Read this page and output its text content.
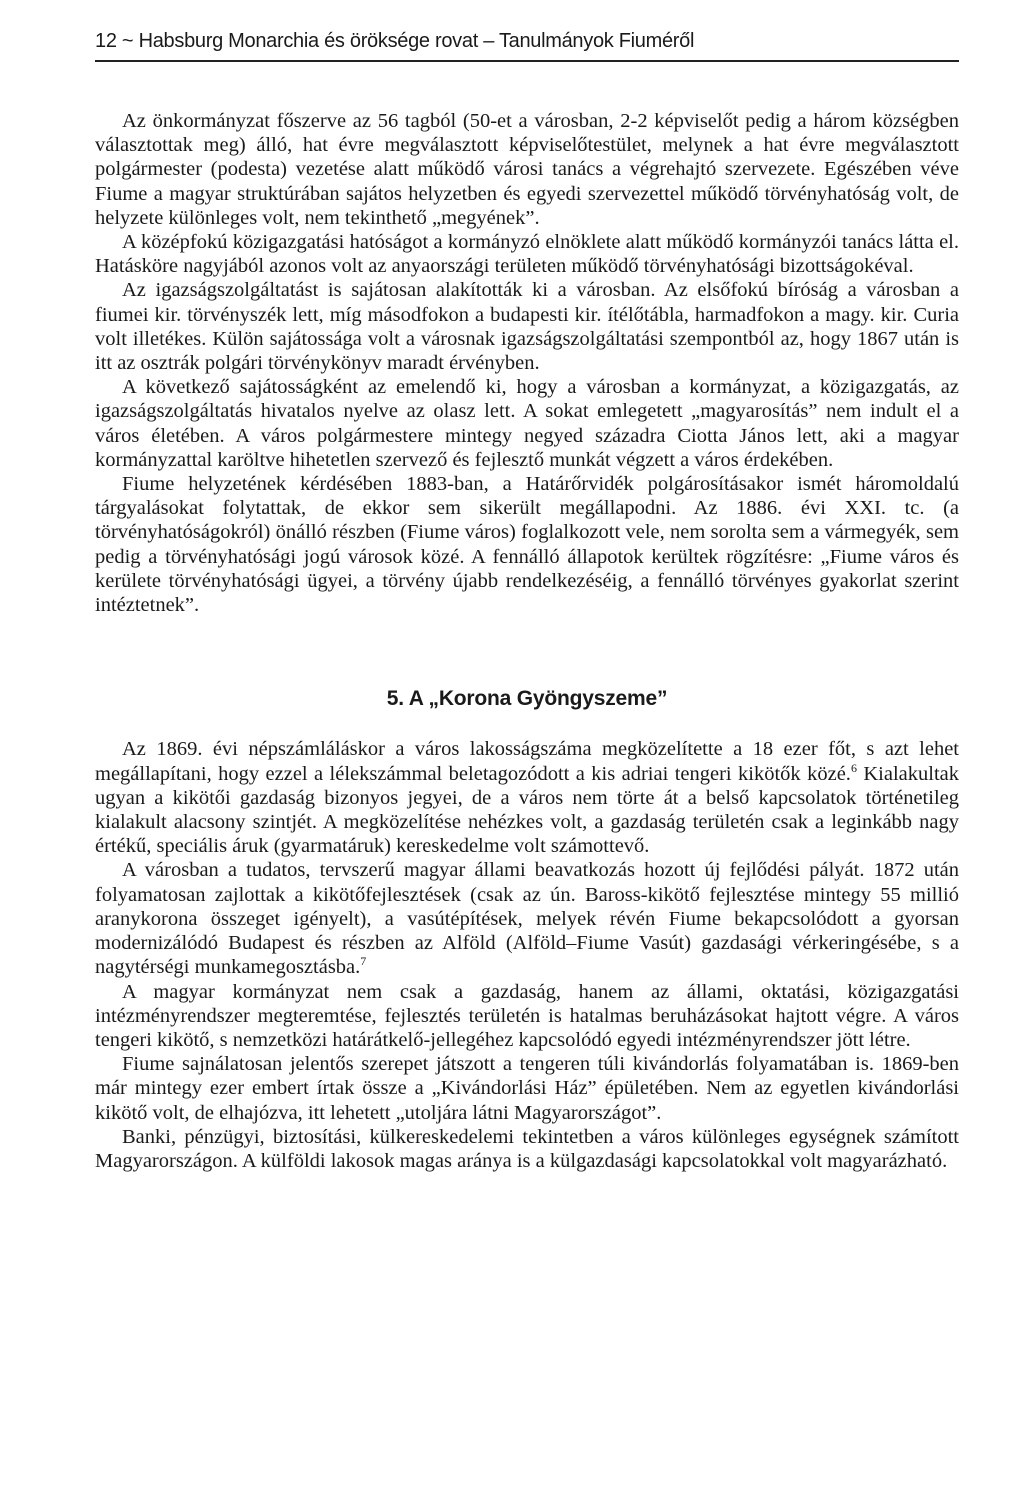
12 ~ Habsburg Monarchia és öröksége rovat – Tanulmányok Fiuméről

Az önkormányzat főszerve az 56 tagból (50-et a városban, 2-2 képviselőt pedig a három községben választottak meg) álló, hat évre megválasztott képviselőtestület, melynek a hat évre megválasztott polgármester (podesta) vezetése alatt működő városi tanács a végrehajtó szervezete. Egészében véve Fiume a magyar struktúrában sajátos helyzetben és egyedi szervezettel működő törvényhatóság volt, de helyzete különleges volt, nem tekinthető „megyének”.

A középfokú közigazgatási hatóságot a kormányzó elnöklete alatt működő kormányzói tanács látta el. Hatásköre nagyjából azonos volt az anyaországi területen működő törvényhatósági bizottságokéval.

Az igazságszolgáltatást is sajátosan alakították ki a városban. Az elsőfokú bíróság a városban a fiumei kir. törvényszék lett, míg másodfokon a budapesti kir. ítélőtábla, harmadfokon a magy. kir. Curia volt illetékes. Külön sajátossága volt a városnak igazságszolgáltatási szempontból az, hogy 1867 után is itt az osztrák polgári törvénykönyv maradt érvényben.

A következő sajátosságként az emelendő ki, hogy a városban a kormányzat, a közigazgatás, az igazságszolgáltatás hivatalos nyelve az olasz lett. A sokat emlegetett „magyarosítás” nem indult el a város életében. A város polgármestere mintegy negyed századra Ciotta János lett, aki a magyar kormányzattal karöltve hihetetlen szervező és fejlesztő munkát végzett a város érdekében.

Fiume helyzetének kérdésében 1883-ban, a Határőrvidék polgárosításakor ismét háromoldalú tárgyalásokat folytattak, de ekkor sem sikerült megállapodni. Az 1886. évi XXI. tc. (a törvényhatóságokról) önálló részben (Fiume város) foglalkozott vele, nem sorolta sem a vármegyék, sem pedig a törvényhatósági jogú városok közé. A fennálló állapotok kerültek rögzítésre: „Fiume város és kerülete törvényhatósági ügyei, a törvény újabb rendelkezéséig, a fennálló törvényes gyakorlat szerint intéztetnek”.

5. A „Korona Gyöngyszeme”

Az 1869. évi népszámláláskor a város lakosságszáma megközelítette a 18 ezer főt, s azt lehet megállapítani, hogy ezzel a lélekszámmal beletagozódott a kis adriai tengeri kikötők közé.$^6$ Kialakultak ugyan a kikötői gazdaság bizonyos jegyei, de a város nem törte át a belső kapcsolatok történetileg kialakult alacsony szintjét. A megközelítése nehézkes volt, a gazdaság területén csak a leginkább nagy értékű, speciális áruk (gyarmatáruk) kereskedelme volt számottevő.

A városban a tudatos, tervszerű magyar állami beavatkozás hozott új fejlődési pályát. 1872 után folyamatosan zajlottak a kikötőfejlesztések (csak az ún. Baross-kikötő fejlesztése mintegy 55 millió aranykorona összeget igényelt), a vasútépítések, melyek révén Fiume bekapcsolódott a gyorsan modernizálódó Budapest és részben az Alföld (Alföld–Fiume Vasút) gazdasági vérkeringésébe, s a nagytérségi munkamegosztásba.$^7$

A magyar kormányzat nem csak a gazdaság, hanem az állami, oktatási, közigazgatási intézményrendszer megteremtése, fejlesztés területén is hatalmas beruházásokat hajtott végre. A város tengeri kikötő, s nemzetközi határátkelő-jellegéhez kapcsolódó egyedi intézményrendszer jött létre.

Fiume sajnálatosan jelentős szerepet játszott a tengeren túli kivándorlás folyamatában is. 1869-ben már mintegy ezer embert írtak össze a „Kivándorlási Ház” épületében. Nem az egyetlen kivándorlási kikötő volt, de elhajózva, itt lehetett „utoljára látni Magyarországot”.

Banki, pénzügyi, biztosítási, külkereskedelemi tekintetben a város különleges egységnek számított Magyarországon. A külföldi lakosok magas aránya is a külgazdasági kapcsolatokkal volt magyarázható.
